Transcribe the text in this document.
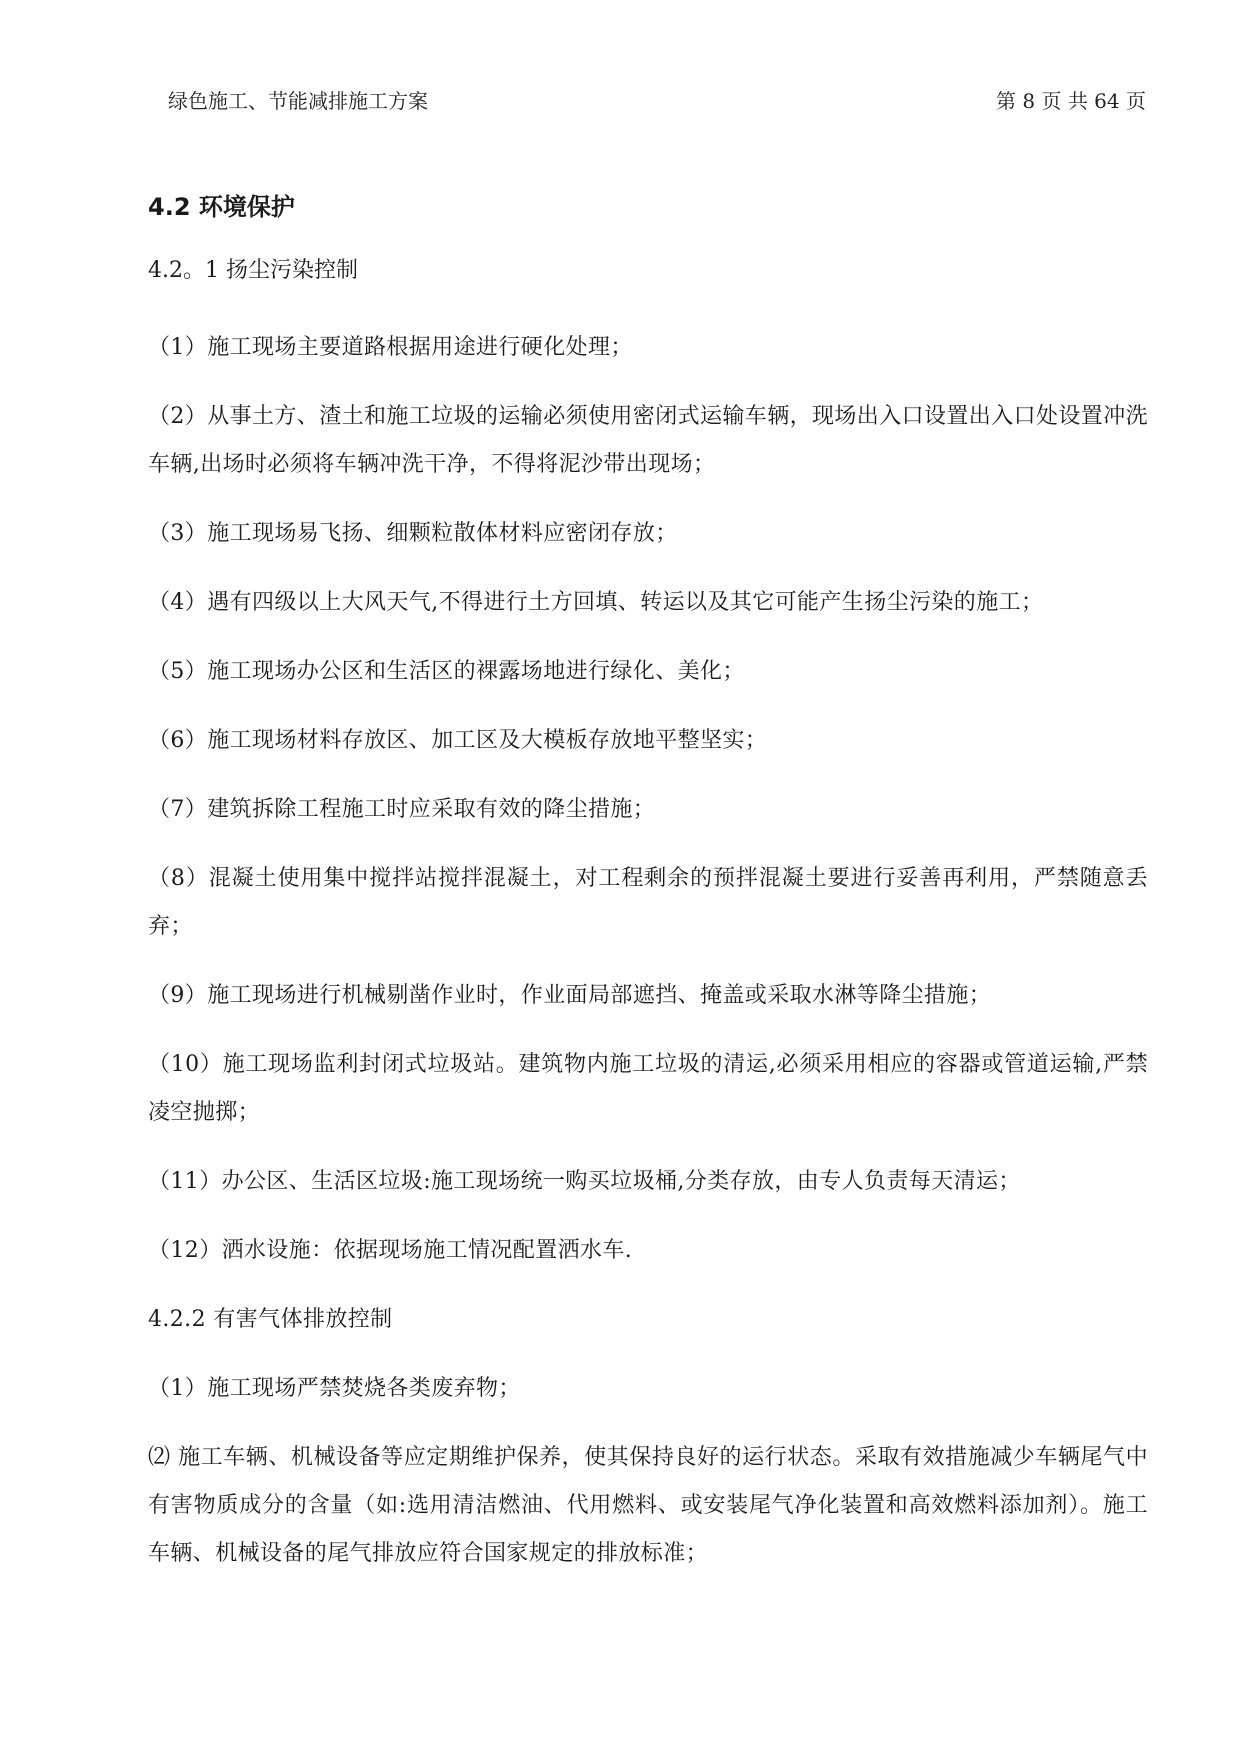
绿色施工、节能减排施工方案	第 8 页 共 64 页
4.2 环境保护
4.2。1 扬尘污染控制
（1）施工现场主要道路根据用途进行硬化处理；
（2）从事土方、渣土和施工垃圾的运输必须使用密闭式运输车辆，现场出入口设置出入口处设置冲洗车辆,出场时必须将车辆冲洗干净，不得将泥沙带出现场；
（3）施工现场易飞扬、细颗粒散体材料应密闭存放；
（4）遇有四级以上大风天气,不得进行土方回填、转运以及其它可能产生扬尘污染的施工；
（5）施工现场办公区和生活区的裸露场地进行绿化、美化；
（6）施工现场材料存放区、加工区及大模板存放地平整坚实；
（7）建筑拆除工程施工时应采取有效的降尘措施；
（8）混凝土使用集中搅拌站搅拌混凝土，对工程剩余的预拌混凝土要进行妥善再利用，严禁随意丢弃；
（9）施工现场进行机械剔凿作业时，作业面局部遮挡、掩盖或采取水淋等降尘措施；
（10）施工现场监利封闭式垃圾站。建筑物内施工垃圾的清运,必须采用相应的容器或管道运输,严禁凌空抛掷；
（11）办公区、生活区垃圾:施工现场统一购买垃圾桶,分类存放，由专人负责每天清运；
（12）洒水设施：依据现场施工情况配置洒水车.
4.2.2 有害气体排放控制
（1）施工现场严禁焚烧各类废弃物；
⑵ 施工车辆、机械设备等应定期维护保养，使其保持良好的运行状态。采取有效措施减少车辆尾气中有害物质成分的含量（如:选用清洁燃油、代用燃料、或安装尾气净化装置和高效燃料添加剂）。施工车辆、机械设备的尾气排放应符合国家规定的排放标准；
